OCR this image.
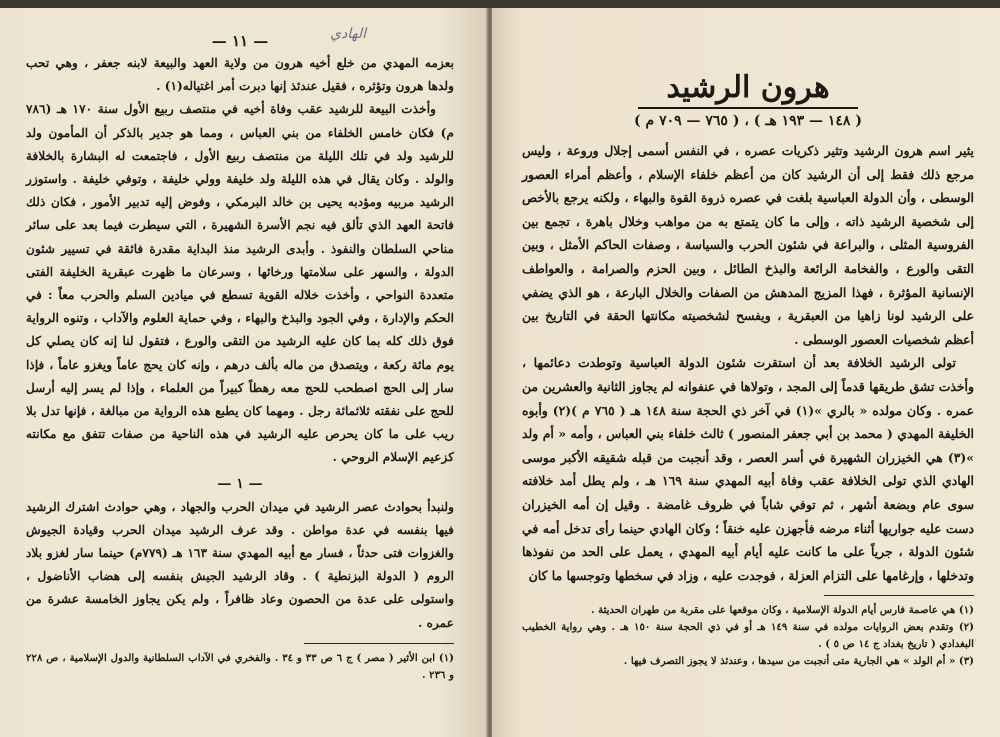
— ١١ —	الهادي

بعزمه المهدي من خلع أخيه هرون من ولاية العهد والبيعة لابنه جعفر ، وهي تحب ولدها هرون وتؤثره ، فقيل عندئذ إنها دبرت أمر اغتياله(١) .

وأخذت البيعة للرشيد عقب وفاة أخيه في منتصف ربيع الأول سنة ١٧٠ هـ (٧٨٦ م) فكان خامس الخلفاء من بني العباس ، ومما هو جدير بالذكر أن المأمون ولد للرشيد ولد في تلك الليلة من منتصف ربيع الأول ، فاجتمعت له البشارة بالخلافة والولد . وكان يقال في هذه الليلة ولد خليفة وولي خليفة ، وتوفي خليفة . واستوزر الرشيد مربيه ومؤدبه يحيى بن خالد البرمكي ، وفوض إليه تدبير الأمور ، فكان ذلك فاتحة العهد الذي تألق فيه نجم الأسرة الشهيرة ، التي سيطرت فيما بعد على سائر مناحي السلطان والنفوذ . وأبدى الرشيد منذ البداية مقدرة فائقة في تسيير شئون الدولة ، والسهر على سلامتها ورخائها ، وسرعان ما ظهرت عبقرية الخليفة الفتى متعددة النواحي ، وأخذت خلاله القوية تسطع في ميادين السلم والحرب معاً : في الحكم والإدارة ، وفي الجود والبذخ والبهاء ، وفي حماية العلوم والآداب ، وتنوه الرواية فوق ذلك كله بما كان عليه الرشيد من التقى والورع ، فتقول لنا إنه كان يصلي كل يوم مائة ركعة ، ويتصدق من ماله بألف درهم ، وإنه كان يحج عاماً ويغزو عاماً ، فإذا سار إلى الحج اصطحب للحج معه رهطاً كبيراً من العلماء ، وإذا لم يسر إليه أرسل للحج على نفقته ثلاثمائة رجل . ومهما كان يطبع هذه الرواية من مبالغة ، فإنها تدل بلا ريب على ما كان يحرص عليه الرشيد في هذه الناحية من صفات تتفق مع مكانته كزعيم الإسلام الروحي .

— ١ —

ولنبدأ بحوادث عصر الرشيد في ميدان الحرب والجهاد ، وهي حوادث اشترك الرشيد فيها بنفسه في عدة مواطن . وقد عرف الرشيد ميدان الحرب وقيادة الجيوش والغزوات فتى حدثاً ، فسار مع أبيه المهدي سنة ١٦٣ هـ (٧٧٩م) حينما سار لغزو بلاد الروم ( الدولة البزنطية ) . وقاد الرشيد الجيش بنفسه إلى هضاب الأناضول ، واستولى على عدة من الحصون وعاد ظافراً ، ولم يكن يجاوز الخامسة عشرة من عمره .

(١) ابن الأثير ( مصر ) ج ٦ ص ٣٣ و ٣٤ . والفخري في الآداب السلطانية والدول الإسلامية ، ص ٢٢٨ و ٢٣٦ .

هرون الرشيد
( ١٤٨ — ١٩٣ هـ ) ، ( ٧٦٥ — ٧٠٩ م )

يثير اسم هرون الرشيد وتثير ذكريات عصره ، في النفس أسمى إجلال وروعة ، وليس مرجع ذلك فقط إلى أن الرشيد كان من أعظم خلفاء الإسلام ، وأعظم أمراء العصور الوسطى ، وأن الدولة العباسية بلغت في عصره ذروة القوة والبهاء ، ولكنه يرجع بالأخص إلى شخصية الرشيد ذاته ، وإلى ما كان يتمتع به من مواهب وخلال باهرة ، تجمع بين الفروسية المثلى ، والبراعة في شئون الحرب والسياسة ، وصفات الحاكم الأمثل ، وبين التقى والورع ، والفخامة الرائعة والبذخ الطائل ، وبين الحزم والصرامة ، والعواطف الإنسانية المؤثرة ، فهذا المزيج المدهش من الصفات والخلال البارعة ، هو الذي يضفي على الرشيد لونا زاهيا من العبقرية ، ويفسح لشخصيته مكانتها الحقة في التاريخ بين أعظم شخصيات العصور الوسطى .

تولى الرشيد الخلافة بعد أن استقرت شئون الدولة العباسية وتوطدت دعائمها ، وأخذت تشق طريقها قدماً إلى المجد ، وتولاها في عنفوانه لم يجاوز الثانية والعشرين من عمره . وكان مولده « بالري »(١) في آخر ذي الحجة سنة ١٤٨ هـ ( ٧٦٥ م )(٢) وأبوه الخليفة المهدي ( محمد بن أبي جعفر المنصور ) ثالث خلفاء بني العباس ، وأمه « أم ولد »(٣) هي الخيزران الشهيرة في أسر العصر ، وقد أنجبت من قبله شقيقه الأكبر موسى الهادي الذي تولى الخلافة عقب وفاة أبيه المهدي سنة ١٦٩ هـ ، ولم يطل أمد خلافته سوى عام وبضعة أشهر ، ثم توفي شاباً في ظروف غامضة . وقيل إن أمه الخيزران دست عليه جواريها أثناء مرضه فأجهزن عليه خنقاً ؛ وكان الهادي حينما رأى تدخل أمه في شئون الدولة ، جرياً على ما كانت عليه أيام أبيه المهدي ، يعمل على الحد من نفوذها وتدخلها ، وإرغامها على التزام العزلة ، فوجدت عليه ، وزاد في سخطها وتوجسها ما كان

(١) هي عاصمة فارس أيام الدولة الإسلامية ، وكان موقعها على مقربة من طهران الحديثة .

(٢) وتقدم بعض الروايات مولده في سنة ١٤٩ هـ أو في ذي الحجة سنة ١٥٠ هـ . وهي رواية الخطيب البغدادي ( تاريخ بغداد ج ١٤ ص ٥ ) .

(٣) « أم الولد » هي الجارية متى أنجبت من سيدها ، وعندئذ لا يجوز التصرف فيها .
